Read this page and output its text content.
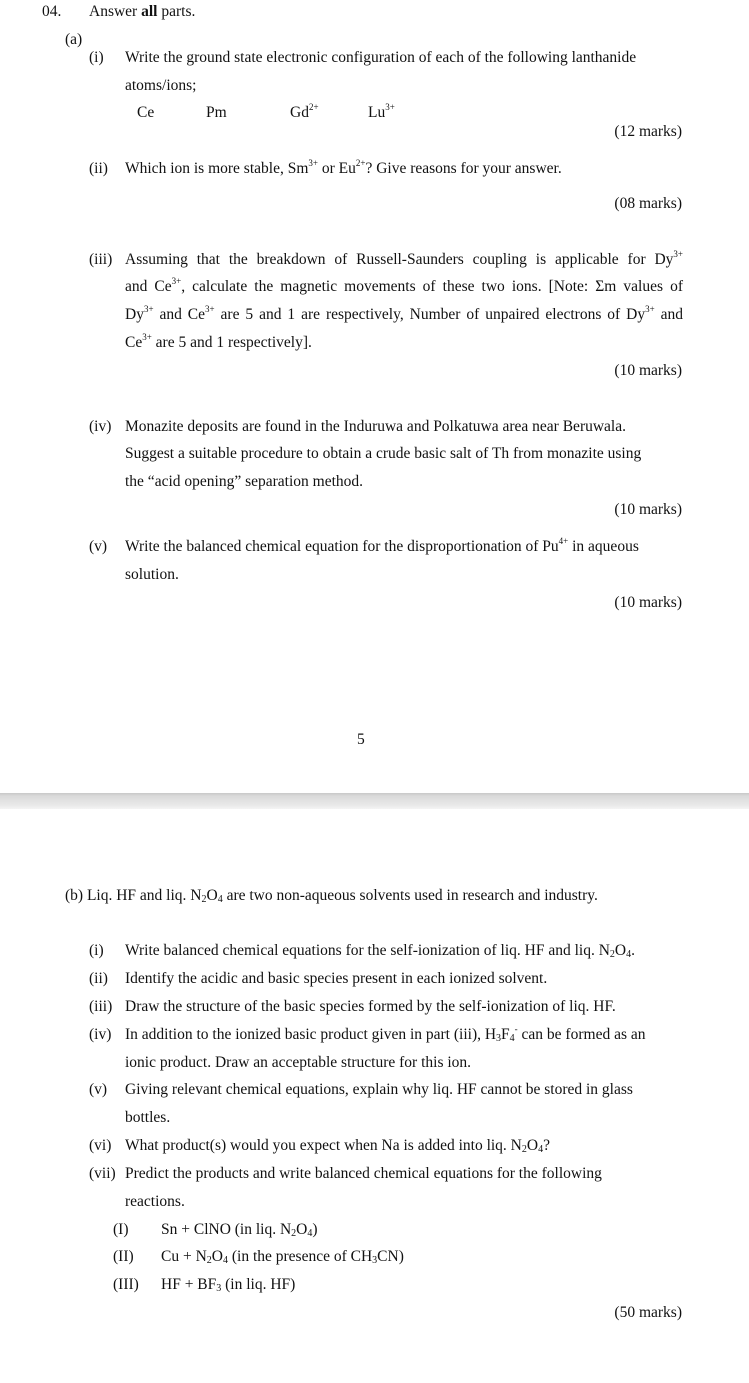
04. Answer all parts.
(a)
(i) Write the ground state electronic configuration of each of the following lanthanide
atoms/ions;
Ce	Pm	$Gd^{2+}$	$Lu^{3+}$
(12 marks)
(ii) Which ion is more stable, $Sm^{3+}$ or $Eu^{2+}$? Give reasons for your answer.
(08 marks)
(iii) Assuming that the breakdown of Russell-Saunders coupling is applicable for $Dy^{3+}$
and $Ce^{3+}$, calculate the magnetic movements of these two ions. [Note: Σm values of
$Dy^{3+}$ and $Ce^{3+}$ are 5 and 1 are respectively, Number of unpaired electrons of $Dy^{3+}$ and
$Ce^{3+}$ are 5 and 1 respectively].
(10 marks)
(iv) Monazite deposits are found in the Induruwa and Polkatuwa area near Beruwala.
Suggest a suitable procedure to obtain a crude basic salt of Th from monazite using
the “acid opening” separation method.
(10 marks)
(v) Write the balanced chemical equation for the disproportionation of $Pu^{4+}$ in aqueous
solution.
(10 marks)
5
(b) Liq. HF and liq. $N_2O_4$ are two non-aqueous solvents used in research and industry.
(i) Write balanced chemical equations for the self-ionization of liq. HF and liq. $N_2O_4$.
(ii) Identify the acidic and basic species present in each ionized solvent.
(iii) Draw the structure of the basic species formed by the self-ionization of liq. HF.
(iv) In addition to the ionized basic product given in part (iii), $H_3F_4^-$ can be formed as an
ionic product. Draw an acceptable structure for this ion.
(v) Giving relevant chemical equations, explain why liq. HF cannot be stored in glass
bottles.
(vi) What product(s) would you expect when Na is added into liq. $N_2O_4$?
(vii) Predict the products and write balanced chemical equations for the following
reactions.
(I) Sn + ClNO (in liq. $N_2O_4$)
(II) $Cu + N_2O_4$ (in the presence of $CH_3CN$)
(III) HF + $BF_3$ (in liq. HF)
(50 marks)
